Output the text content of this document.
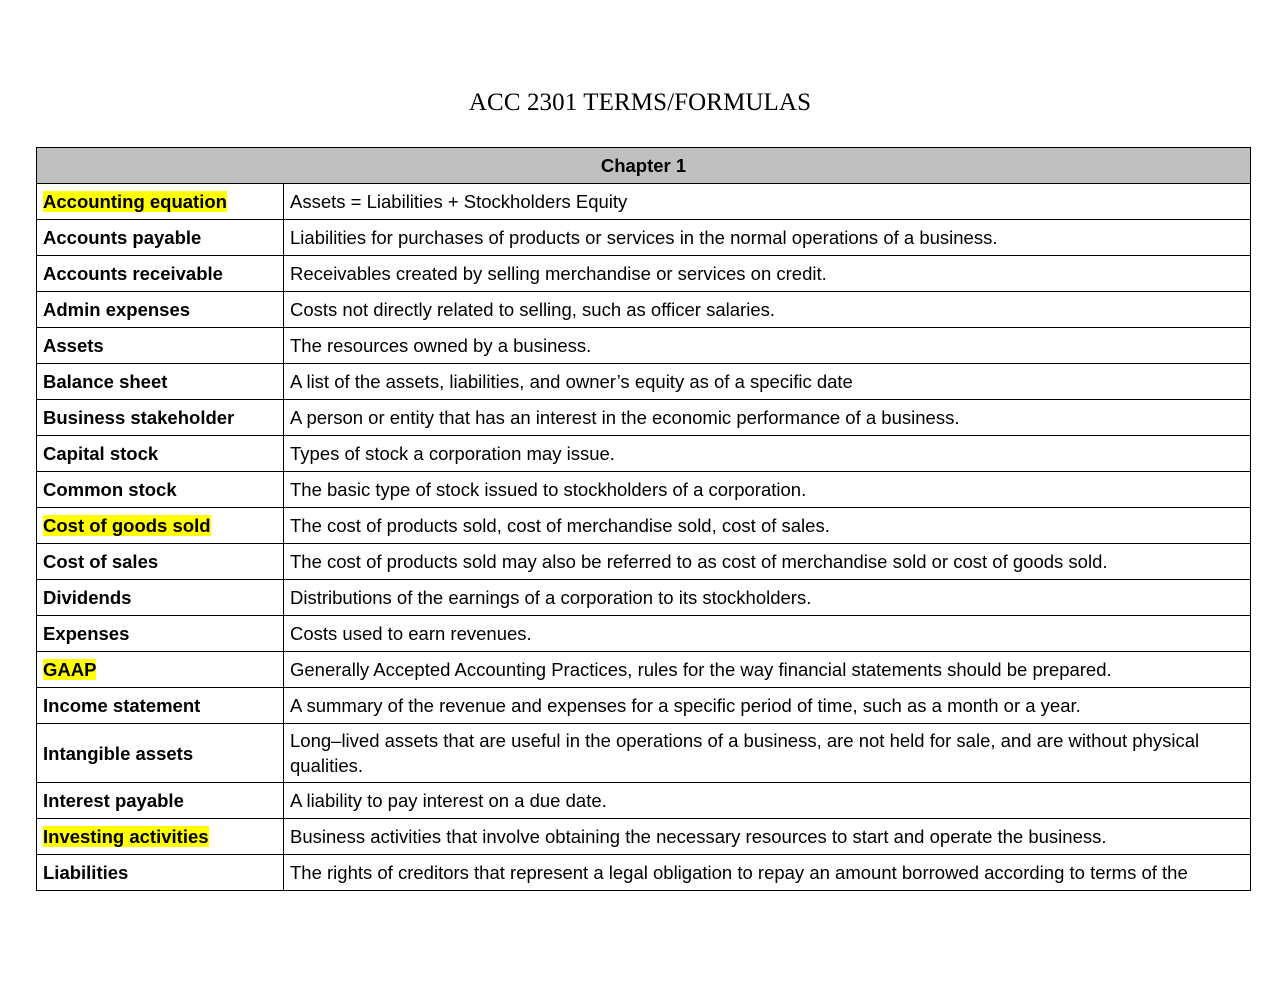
ACC 2301 TERMS/FORMULAS
Chapter 1	
Accounting equation	Assets = Liabilities + Stockholders Equity
Accounts payable	Liabilities for purchases of products or services in the normal operations of a business.
Accounts receivable	Receivables created by selling merchandise or services on credit.
Admin expenses	Costs not directly related to selling, such as officer salaries.
Assets	The resources owned by a business.
Balance sheet	A list of the assets, liabilities, and owner’s equity as of a specific date
Business stakeholder	A person or entity that has an interest in the economic performance of a business.
Capital stock	Types of stock a corporation may issue.
Common stock	The basic type of stock issued to stockholders of a corporation.
Cost of goods sold	The cost of products sold, cost of merchandise sold, cost of sales.
Cost of sales	The cost of products sold may also be referred to as cost of merchandise sold or cost of goods sold.
Dividends	Distributions of the earnings of a corporation to its stockholders.
Expenses	Costs used to earn revenues.
GAAP	Generally Accepted Accounting Practices, rules for the way financial statements should be prepared.
Income statement	A summary of the revenue and expenses for a specific period of time, such as a month or a year.
Intangible assets	Long–lived assets that are useful in the operations of a business, are not held for sale, and are without physical qualities.
Interest payable	A liability to pay interest on a due date.
Investing activities	Business activities that involve obtaining the necessary resources to start and operate the business.
Liabilities	The rights of creditors that represent a legal obligation to repay an amount borrowed according to terms of the
